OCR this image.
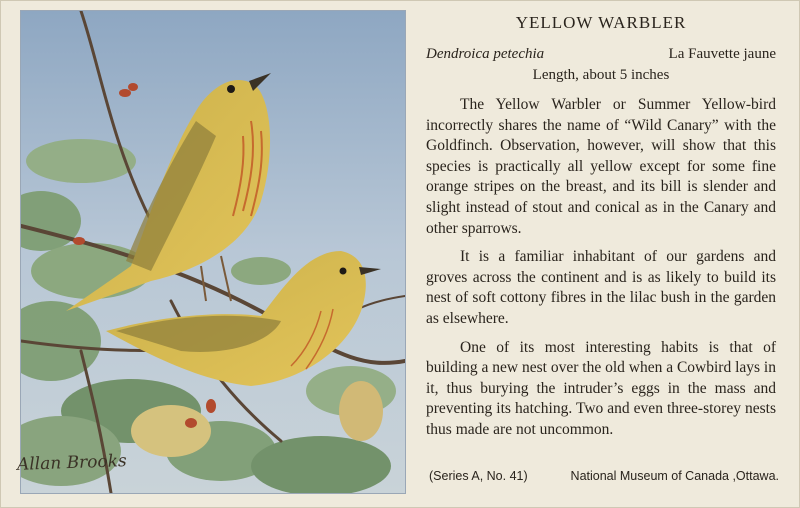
Allan Brooks
YELLOW WARBLER
Dendroica petechia	La Fauvette jaune
Length, about 5 inches

The Yellow Warbler or Summer Yellow-bird incorrectly shares the name of “Wild Canary” with the Goldfinch. Observation, however, will show that this species is practically all yellow except for some fine orange stripes on the breast, and its bill is slender and slight instead of stout and conical as in the Canary and other sparrows.

It is a familiar inhabitant of our gardens and groves across the continent and is as likely to build its nest of soft cottony fibres in the lilac bush in the garden as elsewhere.

One of its most interesting habits is that of building a new nest over the old when a Cowbird lays in it, thus burying the intruder’s eggs in the mass and preventing its hatching. Two and even three-storey nests thus made are not uncommon.

(Series A, No. 41)	National Museum of Canada ,Ottawa.
